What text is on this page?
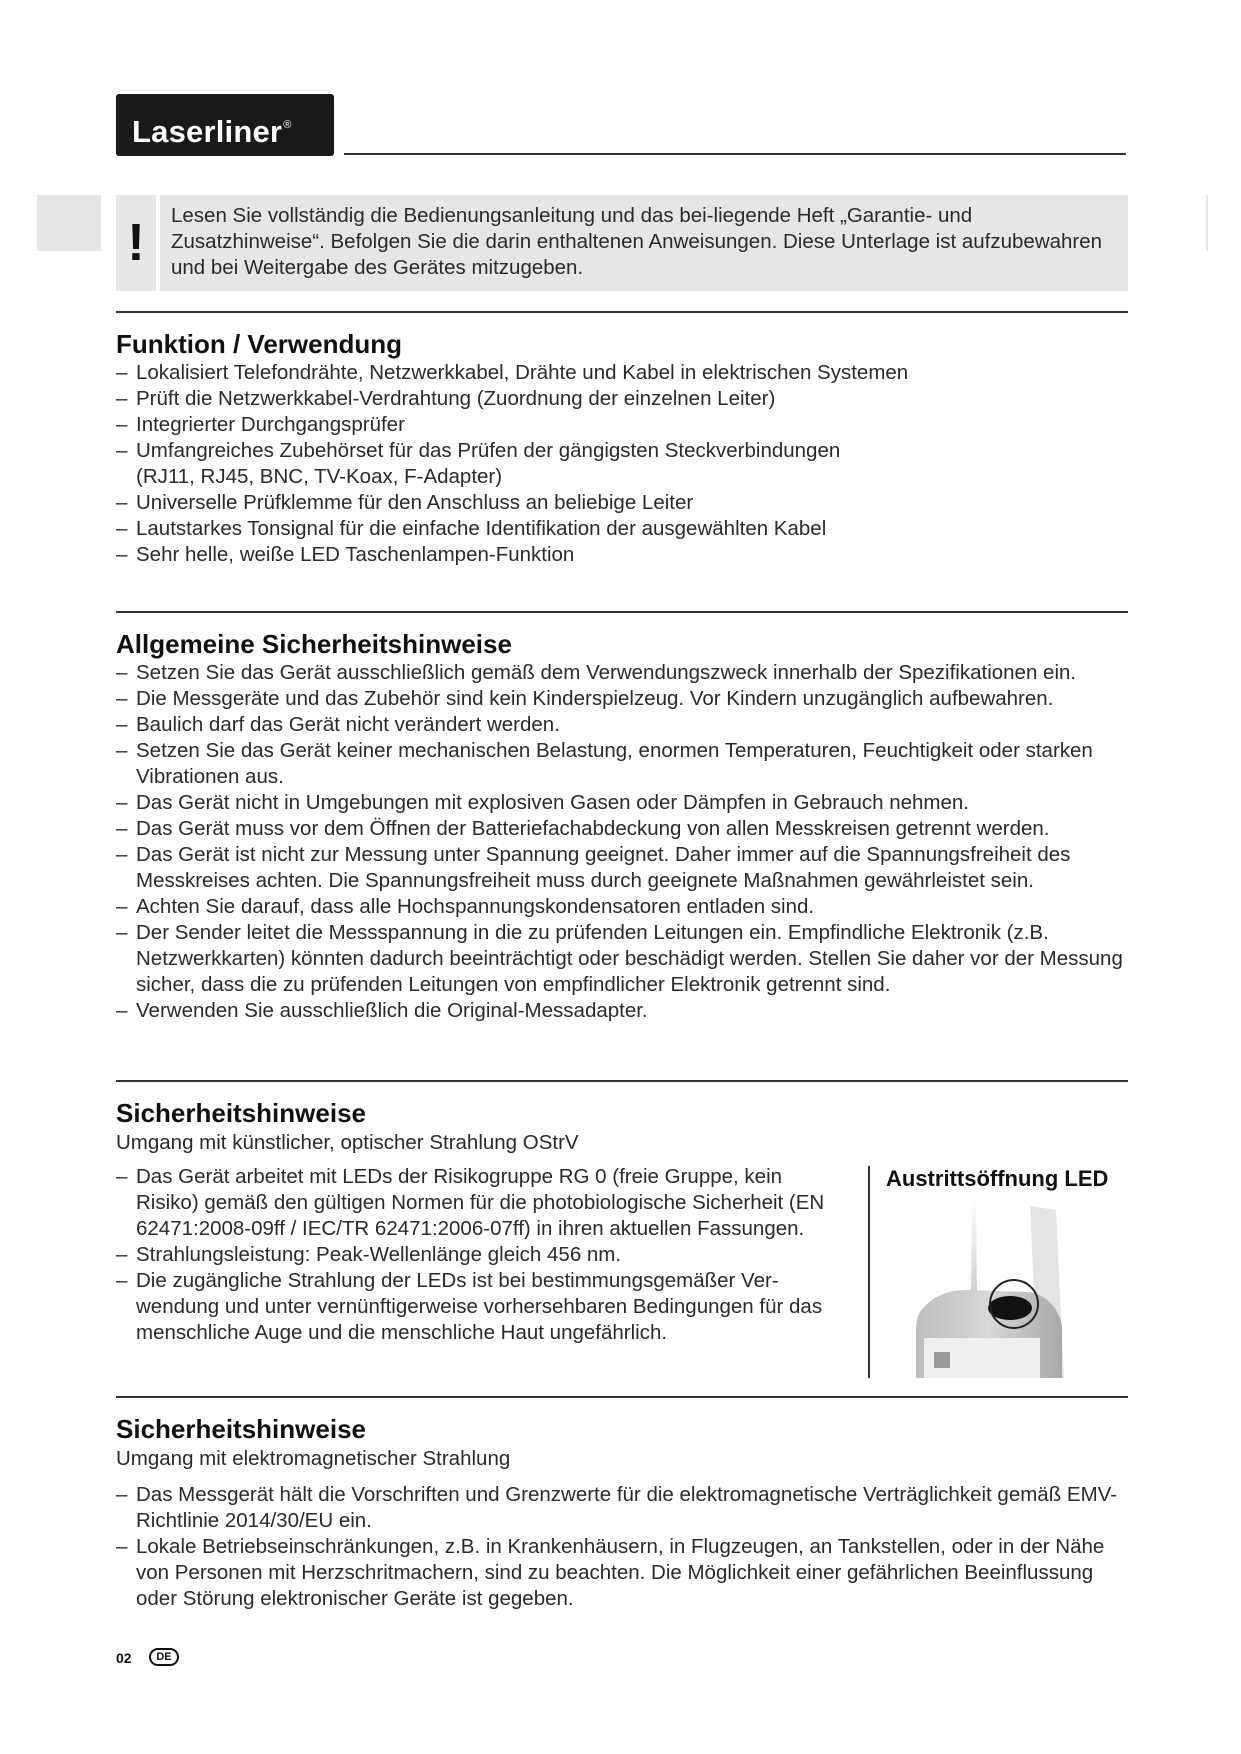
Laserliner®
!	Lesen Sie vollständig die Bedienungsanleitung und das bei-liegende Heft „Garantie- und Zusatzhinweise“. Befolgen Sie die darin enthaltenen Anweisungen. Diese Unterlage ist aufzubewahren und bei Weitergabe des Gerätes mitzugeben.
Funktion / Verwendung
– Lokalisiert Telefondrähte, Netzwerkkabel, Drähte und Kabel in elektrischen Systemen
– Prüft die Netzwerkkabel-Verdrahtung (Zuordnung der einzelnen Leiter)
– Integrierter Durchgangsprüfer
– Umfangreiches Zubehörset für das Prüfen der gängigsten Steckverbindungen (RJ11, RJ45, BNC, TV-Koax, F-Adapter)
– Universelle Prüfklemme für den Anschluss an beliebige Leiter
– Lautstarkes Tonsignal für die einfache Identifikation der ausgewählten Kabel
– Sehr helle, weiße LED Taschenlampen-Funktion
Allgemeine Sicherheitshinweise
– Setzen Sie das Gerät ausschließlich gemäß dem Verwendungszweck innerhalb der Spezifikationen ein.
– Die Messgeräte und das Zubehör sind kein Kinderspielzeug. Vor Kindern unzugänglich aufbewahren.
– Baulich darf das Gerät nicht verändert werden.
– Setzen Sie das Gerät keiner mechanischen Belastung, enormen Temperaturen, Feuchtigkeit oder starken Vibrationen aus.
– Das Gerät nicht in Umgebungen mit explosiven Gasen oder Dämpfen in Gebrauch nehmen.
– Das Gerät muss vor dem Öffnen der Batteriefachabdeckung von allen Messkreisen getrennt werden.
– Das Gerät ist nicht zur Messung unter Spannung geeignet. Daher immer auf die Spannungsfreiheit des Messkreises achten. Die Spannungsfreiheit muss durch geeignete Maßnahmen gewährleistet sein.
– Achten Sie darauf, dass alle Hochspannungskondensatoren entladen sind.
– Der Sender leitet die Messspannung in die zu prüfenden Leitungen ein. Empfindliche Elektronik (z.B. Netzwerkkarten) könnten dadurch beeinträchtigt oder beschädigt werden. Stellen Sie daher vor der Messung sicher, dass die zu prüfenden Leitungen von empfindlicher Elektronik getrennt sind.
– Verwenden Sie ausschließlich die Original-Messadapter.
Sicherheitshinweise
Umgang mit künstlicher, optischer Strahlung OStrV
– Das Gerät arbeitet mit LEDs der Risikogruppe RG 0 (freie Gruppe, kein Risiko) gemäß den gültigen Normen für die photobiologische Sicherheit (EN 62471:2008-09ff / IEC/TR 62471:2006-07ff) in ihren aktuellen Fassungen.
– Strahlungsleistung: Peak-Wellenlänge gleich 456 nm.
– Die zugängliche Strahlung der LEDs ist bei bestimmungsgemäßer Ver-wendung und unter vernünftigerweise vorhersehbaren Bedingungen für das menschliche Auge und die menschliche Haut ungefährlich.
Austrittsöffnung LED
Sicherheitshinweise
Umgang mit elektromagnetischer Strahlung
– Das Messgerät hält die Vorschriften und Grenzwerte für die elektromagnetische Verträglichkeit gemäß EMV-Richtlinie 2014/30/EU ein.
– Lokale Betriebseinschränkungen, z.B. in Krankenhäusern, in Flugzeugen, an Tankstellen, oder in der Nähe von Personen mit Herzschritmachern, sind zu beachten. Die Möglichkeit einer gefährlichen Beeinflussung oder Störung elektronischer Geräte ist gegeben.
02	DE
